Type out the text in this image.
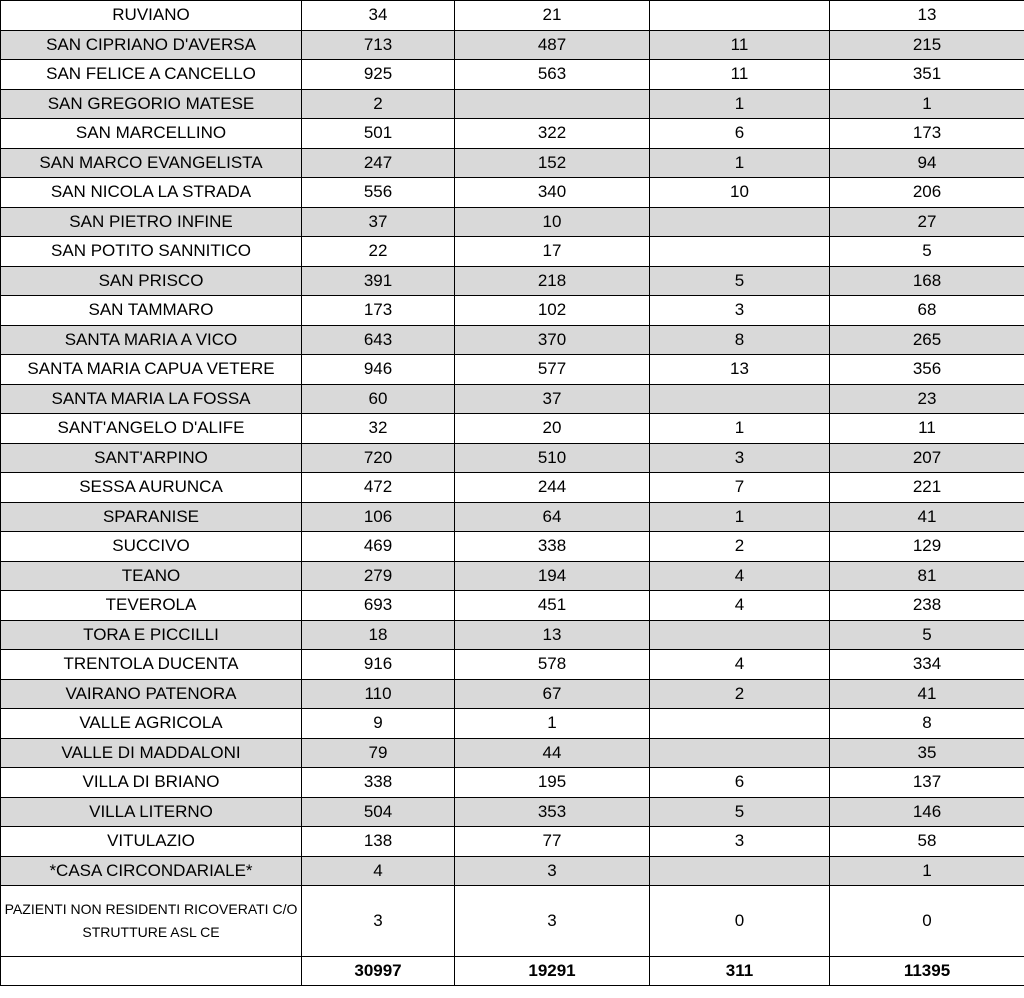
RUVIANO	34	21		13
SAN CIPRIANO D'AVERSA	713	487	11	215
SAN FELICE A CANCELLO	925	563	11	351
SAN GREGORIO MATESE	2		1	1
SAN MARCELLINO	501	322	6	173
SAN MARCO EVANGELISTA	247	152	1	94
SAN NICOLA LA STRADA	556	340	10	206
SAN PIETRO INFINE	37	10		27
SAN POTITO SANNITICO	22	17		5
SAN PRISCO	391	218	5	168
SAN TAMMARO	173	102	3	68
SANTA MARIA A VICO	643	370	8	265
SANTA MARIA CAPUA VETERE	946	577	13	356
SANTA MARIA LA FOSSA	60	37		23
SANT'ANGELO D'ALIFE	32	20	1	11
SANT'ARPINO	720	510	3	207
SESSA AURUNCA	472	244	7	221
SPARANISE	106	64	1	41
SUCCIVO	469	338	2	129
TEANO	279	194	4	81
TEVEROLA	693	451	4	238
TORA E PICCILLI	18	13		5
TRENTOLA DUCENTA	916	578	4	334
VAIRANO PATENORA	110	67	2	41
VALLE AGRICOLA	9	1		8
VALLE DI MADDALONI	79	44		35
VILLA DI BRIANO	338	195	6	137
VILLA LITERNO	504	353	5	146
VITULAZIO	138	77	3	58
*CASA CIRCONDARIALE*	4	3		1
PAZIENTI NON RESIDENTI RICOVERATI C/O STRUTTURE ASL CE	3	3	0	0
	30997	19291	311	11395
